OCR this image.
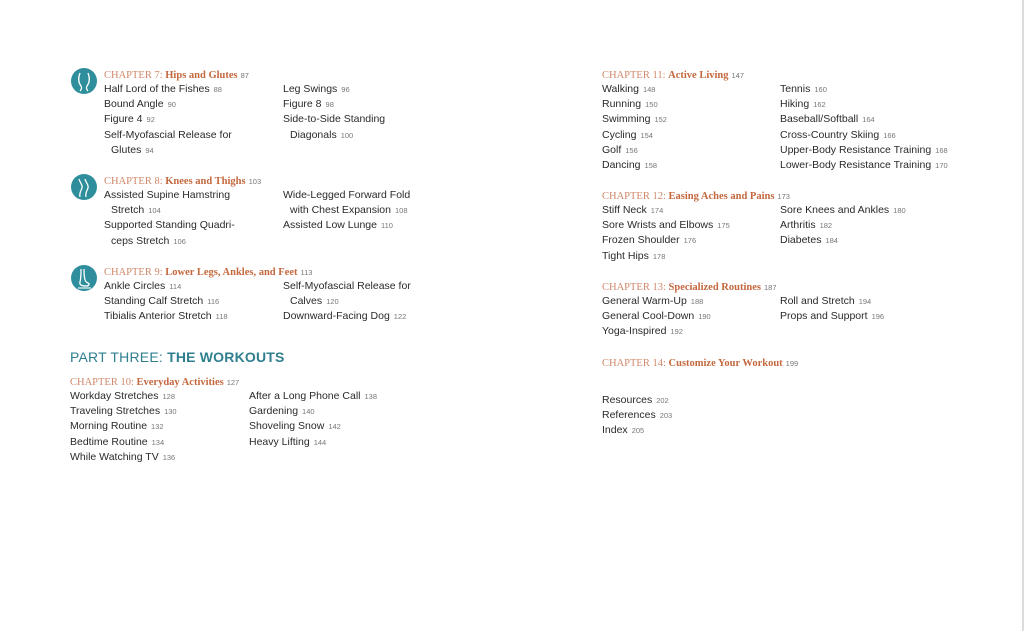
CHAPTER 7: Hips and Glutes 87
Half Lord of the Fishes 88
Bound Angle 90
Figure 4 92
Self-Myofascial Release for
Glutes 94
Leg Swings 96
Figure 8 98
Side-to-Side Standing
Diagonals 100
CHAPTER 8: Knees and Thighs 103
Assisted Supine Hamstring
Stretch 104
Supported Standing Quadri-
ceps Stretch 106
Wide-Legged Forward Fold
with Chest Expansion 108
Assisted Low Lunge 110
CHAPTER 9: Lower Legs, Ankles, and Feet 113
Ankle Circles 114
Standing Calf Stretch 116
Tibialis Anterior Stretch 118
Self-Myofascial Release for
Calves 120
Downward-Facing Dog 122
PART THREE: THE WORKOUTS
CHAPTER 10: Everyday Activities 127
Workday Stretches 128
Traveling Stretches 130
Morning Routine 132
Bedtime Routine 134
While Watching TV 136
After a Long Phone Call 138
Gardening 140
Shoveling Snow 142
Heavy Lifting 144
CHAPTER 11: Active Living 147
Walking 148
Running 150
Swimming 152
Cycling 154
Golf 156
Dancing 158
Tennis 160
Hiking 162
Baseball/Softball 164
Cross-Country Skiing 166
Upper-Body Resistance Training 168
Lower-Body Resistance Training 170
CHAPTER 12: Easing Aches and Pains 173
Stiff Neck 174
Sore Wrists and Elbows 175
Frozen Shoulder 176
Tight Hips 178
Sore Knees and Ankles 180
Arthritis 182
Diabetes 184
CHAPTER 13: Specialized Routines 187
General Warm-Up 188
General Cool-Down 190
Yoga-Inspired 192
Roll and Stretch 194
Props and Support 196
CHAPTER 14: Customize Your Workout 199
Resources 202
References 203
Index 205
